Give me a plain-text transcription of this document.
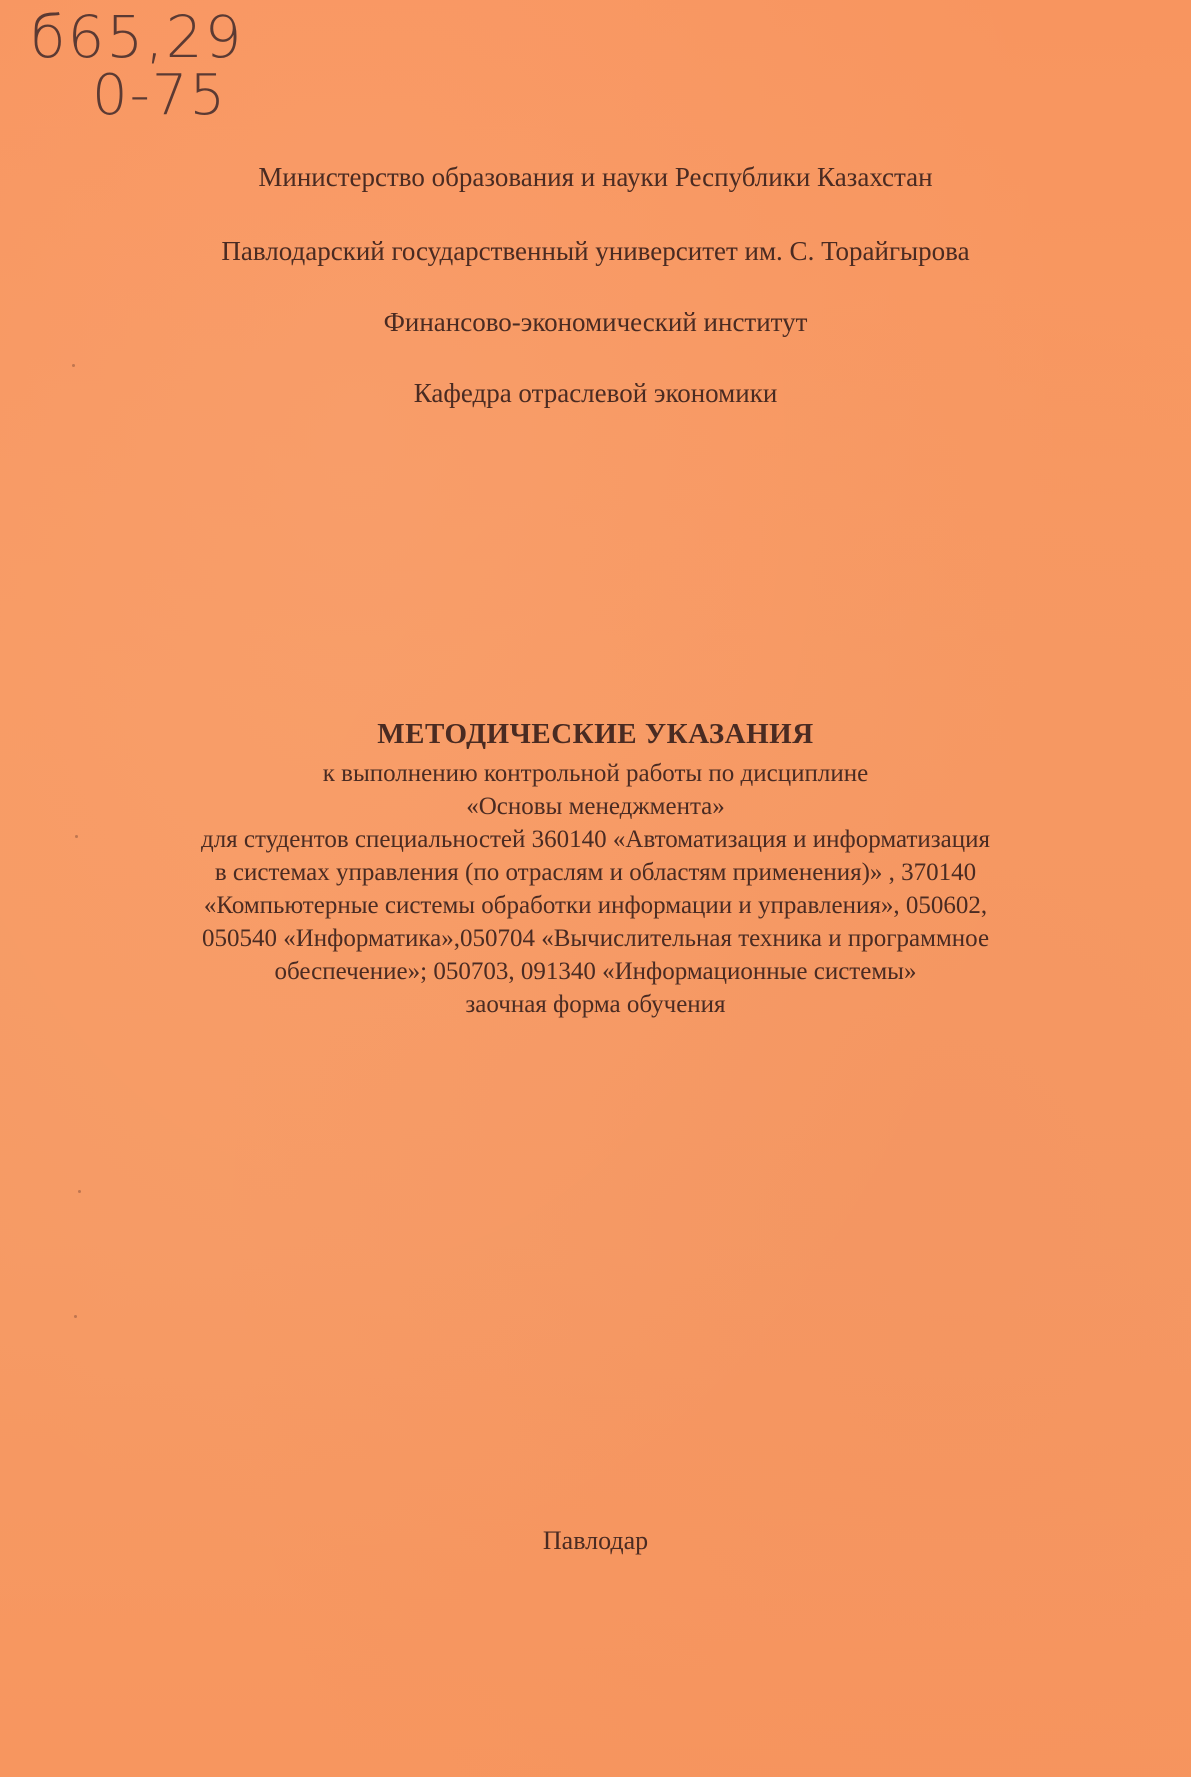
б65,29
0-75
Министерство образования и науки Республики Казахстан
Павлодарский государственный университет им. С. Торайгырова
Финансово-экономический институт
Кафедра отраслевой экономики
МЕТОДИЧЕСКИЕ УКАЗАНИЯ
к выполнению контрольной работы по дисциплине
«Основы менеджмента»
для студентов специальностей 360140 «Автоматизация и информатизация
в системах управления (по отраслям и областям применения)» , 370140
«Компьютерные системы обработки информации и управления», 050602,
050540 «Информатика»,050704 «Вычислительная техника и программное
обеспечение»; 050703, 091340 «Информационные системы»
заочная форма обучения
Павлодар
